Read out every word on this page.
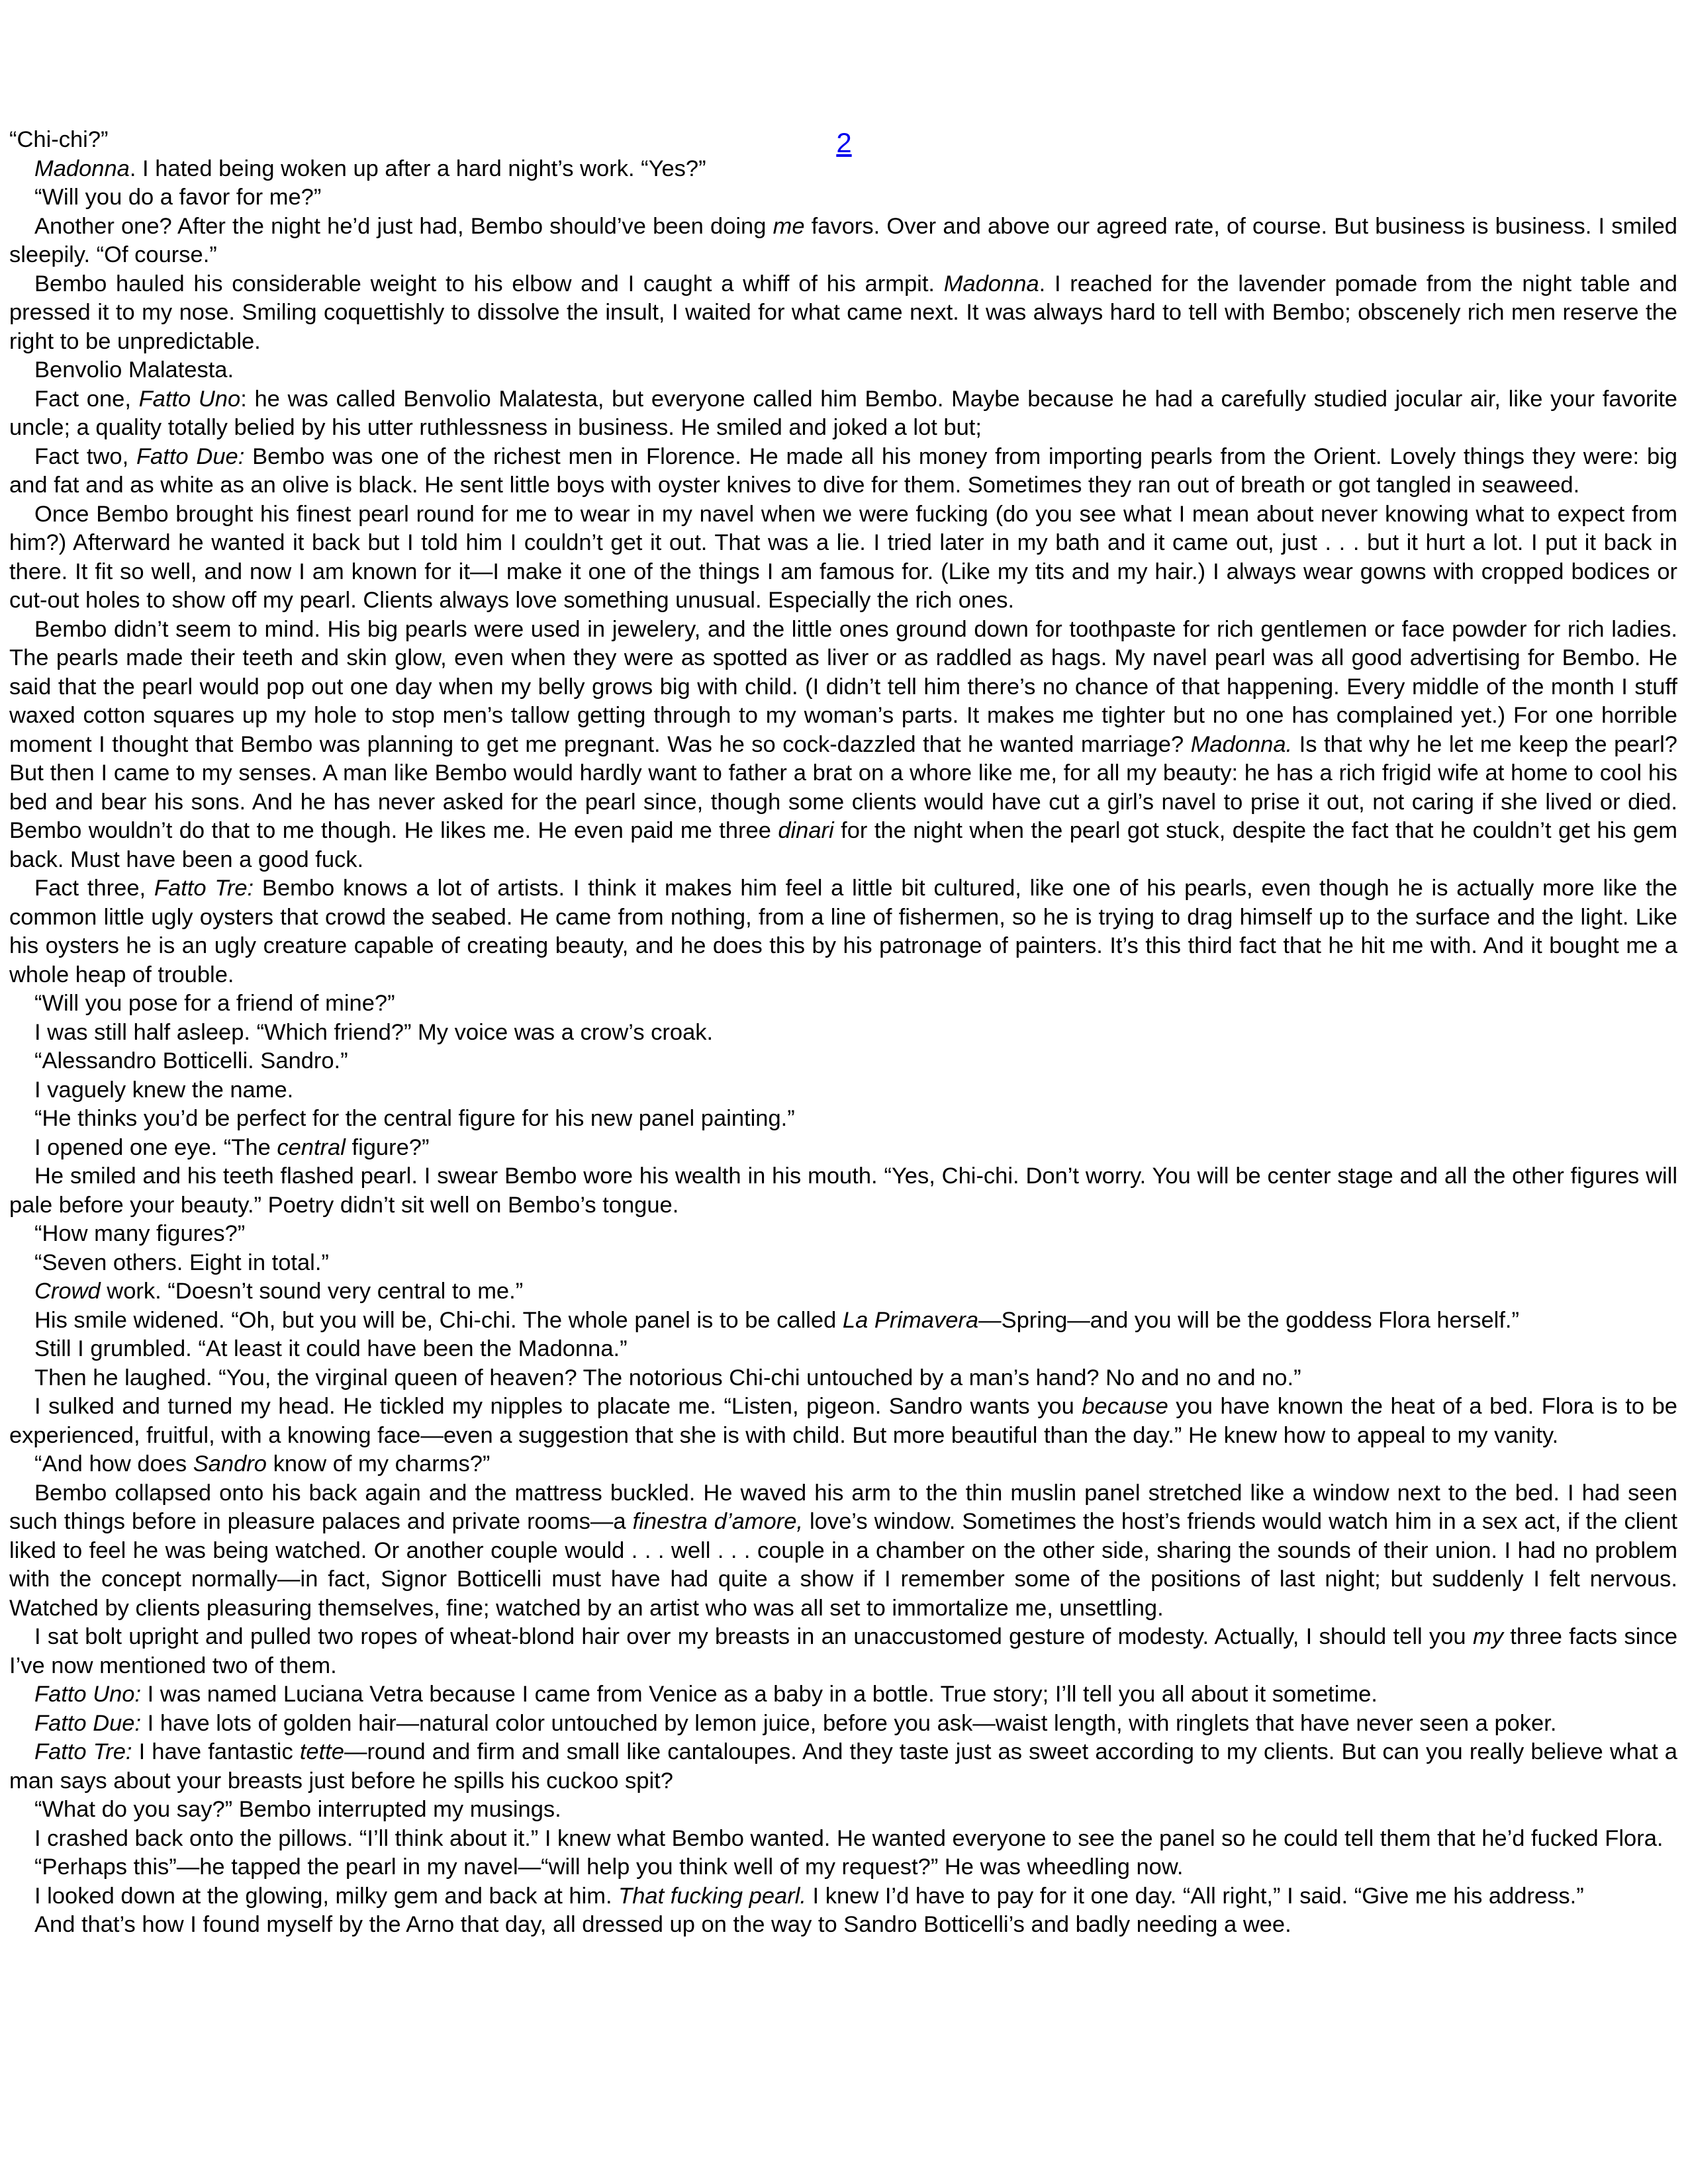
2

“Chi-chi?”

Madonna. I hated being woken up after a hard night’s work. “Yes?”

“Will you do a favor for me?”

Another one? After the night he’d just had, Bembo should’ve been doing me favors. Over and above our agreed rate, of course. But business is business. I smiled sleepily. “Of course.”

Bembo hauled his considerable weight to his elbow and I caught a whiff of his armpit. Madonna. I reached for the lavender pomade from the night table and pressed it to my nose. Smiling coquettishly to dissolve the insult, I waited for what came next. It was always hard to tell with Bembo; obscenely rich men reserve the right to be unpredictable.

Benvolio Malatesta.

Fact one, Fatto Uno: he was called Benvolio Malatesta, but everyone called him Bembo. Maybe because he had a carefully studied jocular air, like your favorite uncle; a quality totally belied by his utter ruthlessness in business. He smiled and joked a lot but;

Fact two, Fatto Due: Bembo was one of the richest men in Florence. He made all his money from importing pearls from the Orient. Lovely things they were: big and fat and as white as an olive is black. He sent little boys with oyster knives to dive for them. Sometimes they ran out of breath or got tangled in seaweed.

Once Bembo brought his finest pearl round for me to wear in my navel when we were fucking (do you see what I mean about never knowing what to expect from him?) Afterward he wanted it back but I told him I couldn’t get it out. That was a lie. I tried later in my bath and it came out, just . . . but it hurt a lot. I put it back in there. It fit so well, and now I am known for it—I make it one of the things I am famous for. (Like my tits and my hair.) I always wear gowns with cropped bodices or cut-out holes to show off my pearl. Clients always love something unusual. Especially the rich ones.

Bembo didn’t seem to mind. His big pearls were used in jewelery, and the little ones ground down for toothpaste for rich gentlemen or face powder for rich ladies. The pearls made their teeth and skin glow, even when they were as spotted as liver or as raddled as hags. My navel pearl was all good advertising for Bembo. He said that the pearl would pop out one day when my belly grows big with child. (I didn’t tell him there’s no chance of that happening. Every middle of the month I stuff waxed cotton squares up my hole to stop men’s tallow getting through to my woman’s parts. It makes me tighter but no one has complained yet.) For one horrible moment I thought that Bembo was planning to get me pregnant. Was he so cock-dazzled that he wanted marriage? Madonna. Is that why he let me keep the pearl? But then I came to my senses. A man like Bembo would hardly want to father a brat on a whore like me, for all my beauty: he has a rich frigid wife at home to cool his bed and bear his sons. And he has never asked for the pearl since, though some clients would have cut a girl’s navel to prise it out, not caring if she lived or died. Bembo wouldn’t do that to me though. He likes me. He even paid me three dinari for the night when the pearl got stuck, despite the fact that he couldn’t get his gem back. Must have been a good fuck.

Fact three, Fatto Tre: Bembo knows a lot of artists. I think it makes him feel a little bit cultured, like one of his pearls, even though he is actually more like the common little ugly oysters that crowd the seabed. He came from nothing, from a line of fishermen, so he is trying to drag himself up to the surface and the light. Like his oysters he is an ugly creature capable of creating beauty, and he does this by his patronage of painters. It’s this third fact that he hit me with. And it bought me a whole heap of trouble.

“Will you pose for a friend of mine?”

I was still half asleep. “Which friend?” My voice was a crow’s croak.

“Alessandro Botticelli. Sandro.”

I vaguely knew the name.

“He thinks you’d be perfect for the central figure for his new panel painting.”

I opened one eye. “The central figure?”

He smiled and his teeth flashed pearl. I swear Bembo wore his wealth in his mouth. “Yes, Chi-chi. Don’t worry. You will be center stage and all the other figures will pale before your beauty.” Poetry didn’t sit well on Bembo’s tongue.

“How many figures?”

“Seven others. Eight in total.”

Crowd work. “Doesn’t sound very central to me.”

His smile widened. “Oh, but you will be, Chi-chi. The whole panel is to be called La Primavera—Spring—and you will be the goddess Flora herself.”

Still I grumbled. “At least it could have been the Madonna.”

Then he laughed. “You, the virginal queen of heaven? The notorious Chi-chi untouched by a man’s hand? No and no and no.”

I sulked and turned my head. He tickled my nipples to placate me. “Listen, pigeon. Sandro wants you because you have known the heat of a bed. Flora is to be experienced, fruitful, with a knowing face—even a suggestion that she is with child. But more beautiful than the day.” He knew how to appeal to my vanity.

“And how does Sandro know of my charms?”

Bembo collapsed onto his back again and the mattress buckled. He waved his arm to the thin muslin panel stretched like a window next to the bed. I had seen such things before in pleasure palaces and private rooms—a finestra d’amore, love’s window. Sometimes the host’s friends would watch him in a sex act, if the client liked to feel he was being watched. Or another couple would . . . well . . . couple in a chamber on the other side, sharing the sounds of their union. I had no problem with the concept normally—in fact, Signor Botticelli must have had quite a show if I remember some of the positions of last night; but suddenly I felt nervous. Watched by clients pleasuring themselves, fine; watched by an artist who was all set to immortalize me, unsettling.

I sat bolt upright and pulled two ropes of wheat-blond hair over my breasts in an unaccustomed gesture of modesty. Actually, I should tell you my three facts since I’ve now mentioned two of them.

Fatto Uno: I was named Luciana Vetra because I came from Venice as a baby in a bottle. True story; I’ll tell you all about it sometime.

Fatto Due: I have lots of golden hair—natural color untouched by lemon juice, before you ask—waist length, with ringlets that have never seen a poker.

Fatto Tre: I have fantastic tette—round and firm and small like cantaloupes. And they taste just as sweet according to my clients. But can you really believe what a man says about your breasts just before he spills his cuckoo spit?

“What do you say?” Bembo interrupted my musings.

I crashed back onto the pillows. “I’ll think about it.” I knew what Bembo wanted. He wanted everyone to see the panel so he could tell them that he’d fucked Flora.

“Perhaps this”—he tapped the pearl in my navel—“will help you think well of my request?” He was wheedling now.

I looked down at the glowing, milky gem and back at him. That fucking pearl. I knew I’d have to pay for it one day. “All right,” I said. “Give me his address.”

And that’s how I found myself by the Arno that day, all dressed up on the way to Sandro Botticelli’s and badly needing a wee.
